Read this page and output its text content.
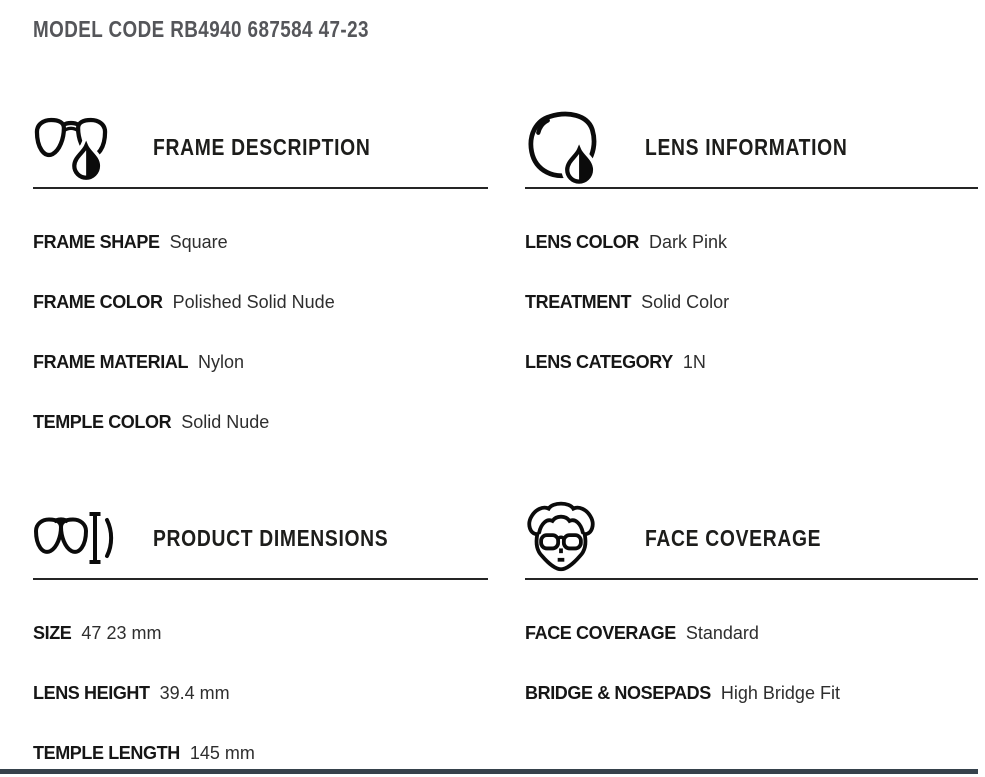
MODEL CODE RB4940 687584 47-23
FRAME DESCRIPTION
FRAME SHAPE Square
FRAME COLOR Polished Solid Nude
FRAME MATERIAL Nylon
TEMPLE COLOR Solid Nude
LENS INFORMATION
LENS COLOR Dark Pink
TREATMENT Solid Color
LENS CATEGORY 1N
PRODUCT DIMENSIONS
SIZE 47 23 mm
LENS HEIGHT 39.4 mm
TEMPLE LENGTH 145 mm
FACE COVERAGE
FACE COVERAGE Standard
BRIDGE & NOSEPADS High Bridge Fit
